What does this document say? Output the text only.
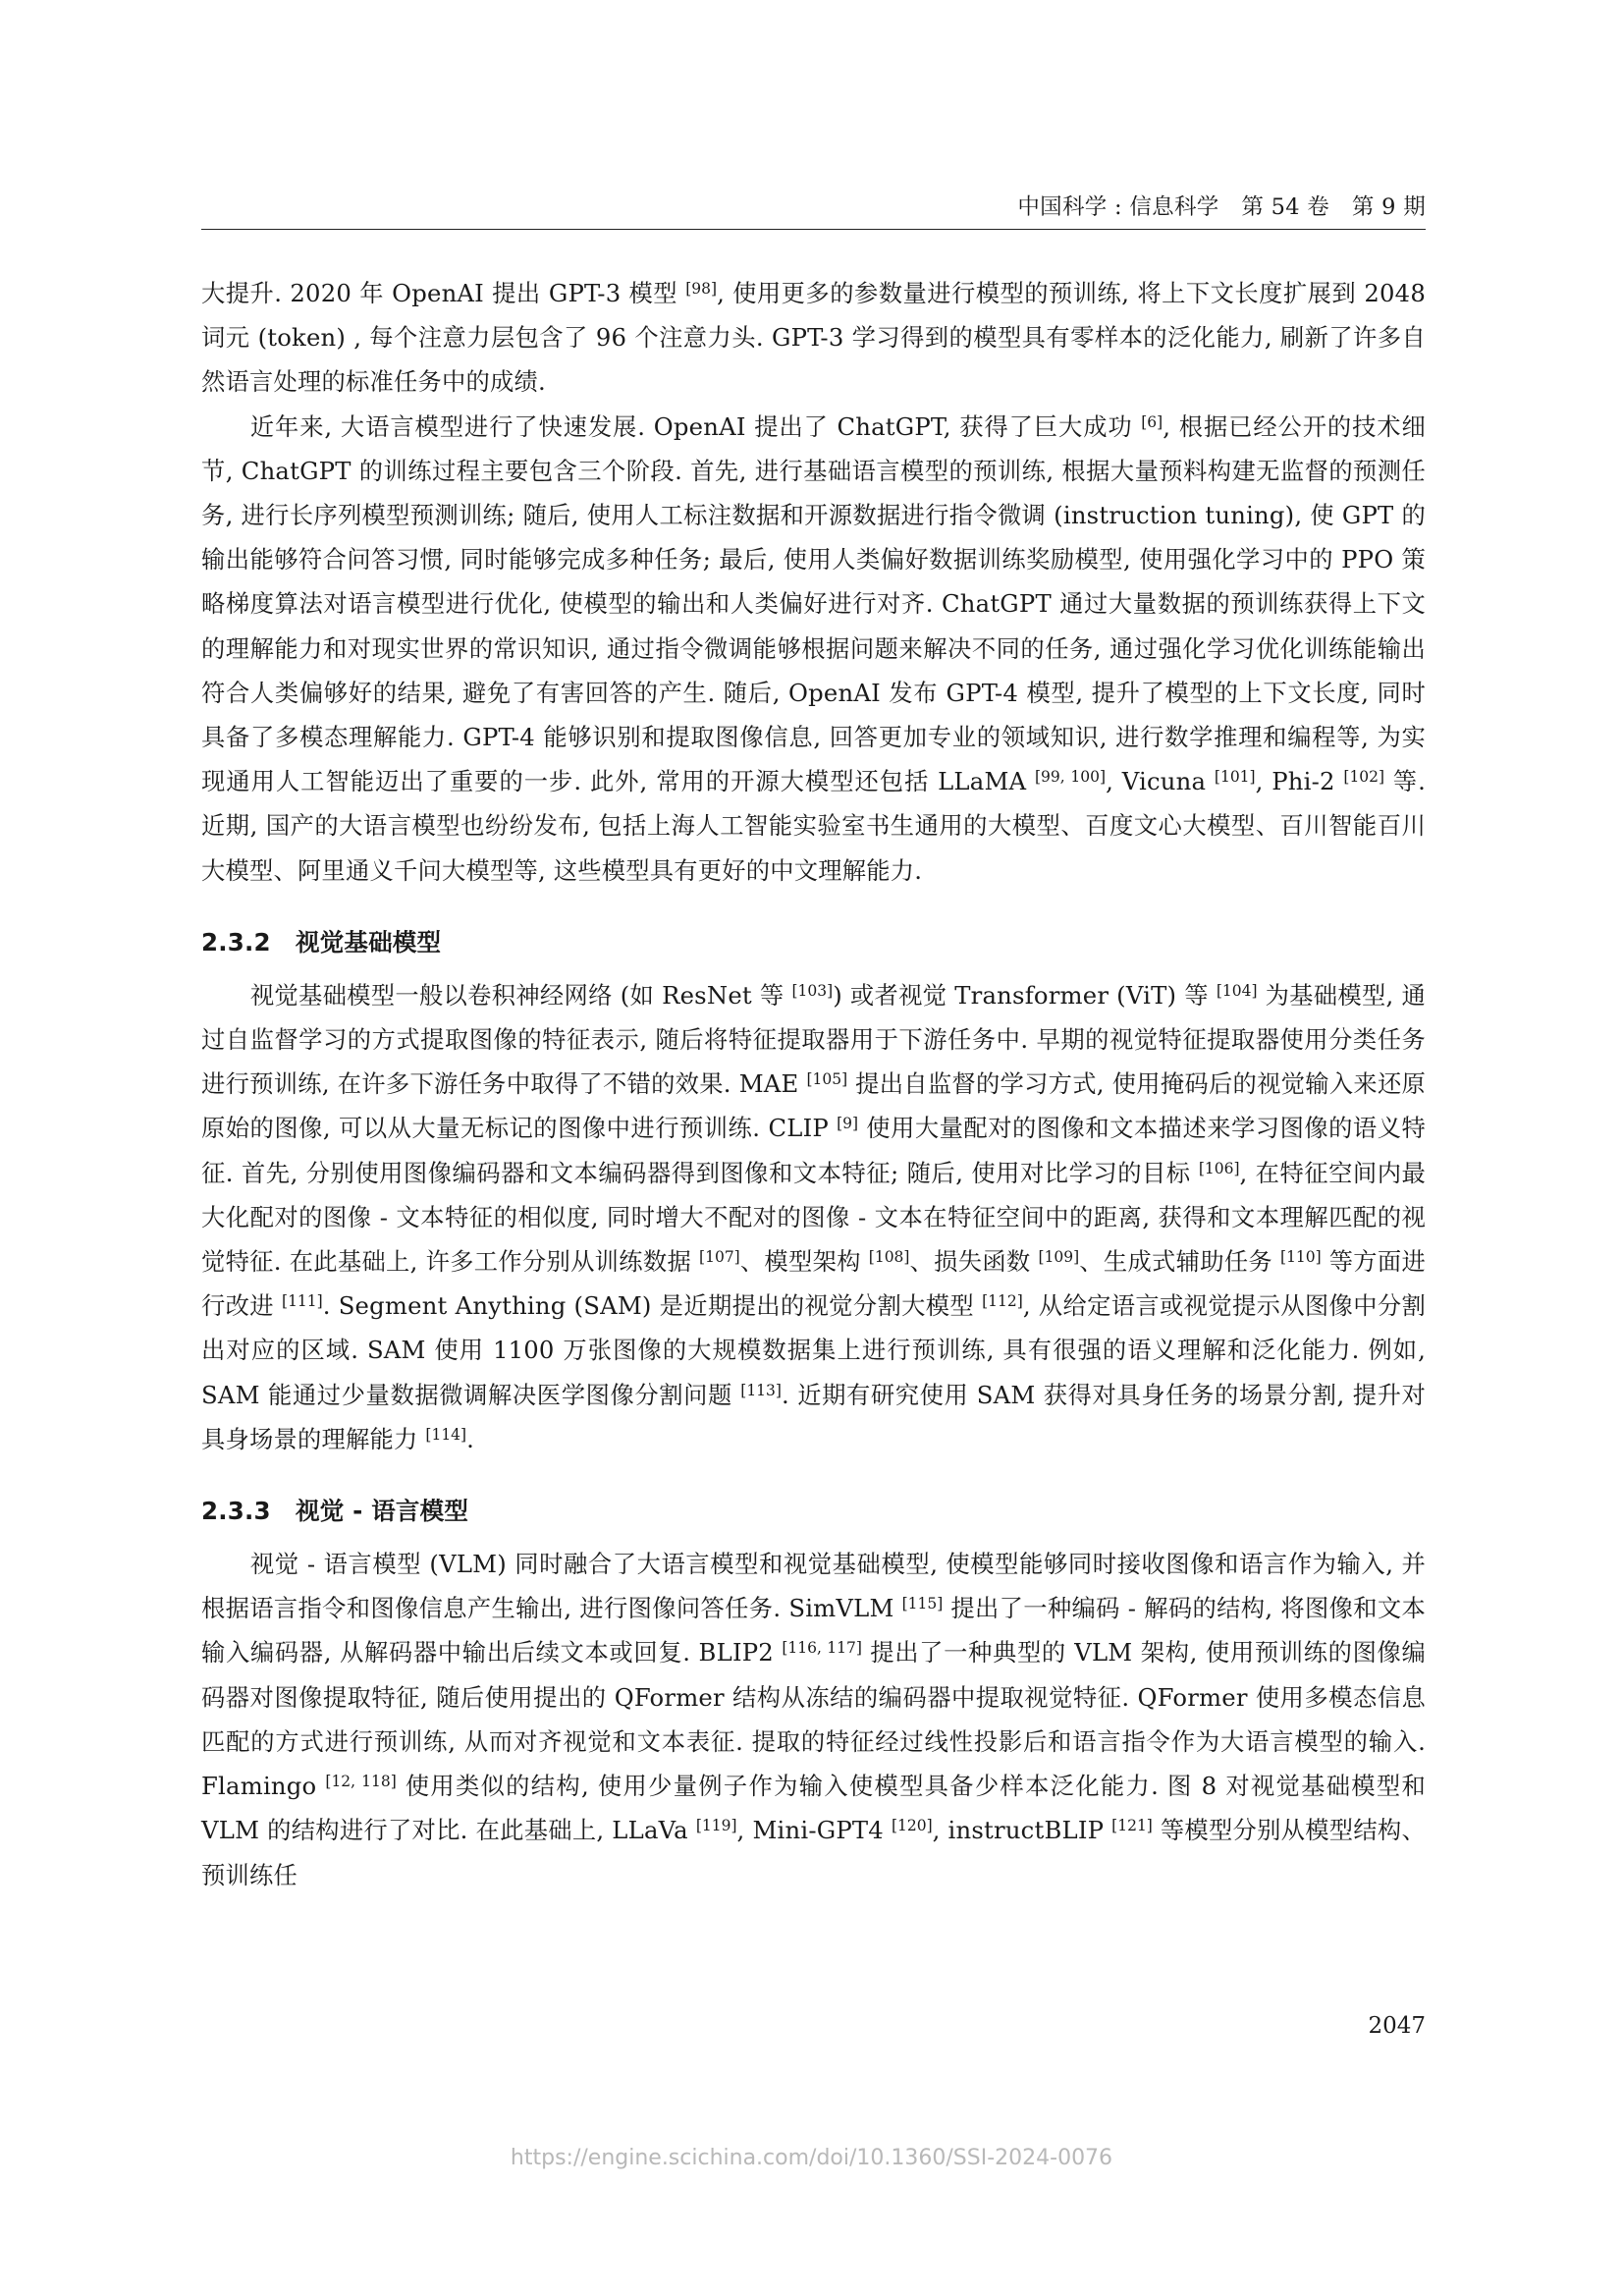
中国科学 : 信息科学　第 54 卷　第 9 期

大提升. 2020 年 OpenAI 提出 GPT-3 模型 [98], 使用更多的参数量进行模型的预训练, 将上下文长度扩展到 2048 词元 (token) , 每个注意力层包含了 96 个注意力头. GPT-3 学习得到的模型具有零样本的泛化能力, 刷新了许多自然语言处理的标准任务中的成绩.

近年来, 大语言模型进行了快速发展. OpenAI 提出了 ChatGPT, 获得了巨大成功 [6], 根据已经公开的技术细节, ChatGPT 的训练过程主要包含三个阶段. 首先, 进行基础语言模型的预训练, 根据大量预料构建无监督的预测任务, 进行长序列模型预测训练; 随后, 使用人工标注数据和开源数据进行指令微调 (instruction tuning), 使 GPT 的输出能够符合问答习惯, 同时能够完成多种任务; 最后, 使用人类偏好数据训练奖励模型, 使用强化学习中的 PPO 策略梯度算法对语言模型进行优化, 使模型的输出和人类偏好进行对齐. ChatGPT 通过大量数据的预训练获得上下文的理解能力和对现实世界的常识知识, 通过指令微调能够根据问题来解决不同的任务, 通过强化学习优化训练能输出符合人类偏够好的结果, 避免了有害回答的产生. 随后, OpenAI 发布 GPT-4 模型, 提升了模型的上下文长度, 同时具备了多模态理解能力. GPT-4 能够识别和提取图像信息, 回答更加专业的领域知识, 进行数学推理和编程等, 为实现通用人工智能迈出了重要的一步. 此外, 常用的开源大模型还包括 LLaMA [99, 100], Vicuna [101], Phi-2 [102] 等. 近期, 国产的大语言模型也纷纷发布, 包括上海人工智能实验室书生通用的大模型、百度文心大模型、百川智能百川大模型、阿里通义千问大模型等, 这些模型具有更好的中文理解能力.

2.3.2 视觉基础模型

视觉基础模型一般以卷积神经网络 (如 ResNet 等 [103]) 或者视觉 Transformer (ViT) 等 [104] 为基础模型, 通过自监督学习的方式提取图像的特征表示, 随后将特征提取器用于下游任务中. 早期的视觉特征提取器使用分类任务进行预训练, 在许多下游任务中取得了不错的效果. MAE [105] 提出自监督的学习方式, 使用掩码后的视觉输入来还原原始的图像, 可以从大量无标记的图像中进行预训练. CLIP [9] 使用大量配对的图像和文本描述来学习图像的语义特征. 首先, 分别使用图像编码器和文本编码器得到图像和文本特征; 随后, 使用对比学习的目标 [106], 在特征空间内最大化配对的图像 - 文本特征的相似度, 同时增大不配对的图像 - 文本在特征空间中的距离, 获得和文本理解匹配的视觉特征. 在此基础上, 许多工作分别从训练数据 [107]、模型架构 [108]、损失函数 [109]、生成式辅助任务 [110] 等方面进行改进 [111]. Segment Anything (SAM) 是近期提出的视觉分割大模型 [112], 从给定语言或视觉提示从图像中分割出对应的区域. SAM 使用 1100 万张图像的大规模数据集上进行预训练, 具有很强的语义理解和泛化能力. 例如, SAM 能通过少量数据微调解决医学图像分割问题 [113]. 近期有研究使用 SAM 获得对具身任务的场景分割, 提升对具身场景的理解能力 [114].

2.3.3 视觉 - 语言模型

视觉 - 语言模型 (VLM) 同时融合了大语言模型和视觉基础模型, 使模型能够同时接收图像和语言作为输入, 并根据语言指令和图像信息产生输出, 进行图像问答任务. SimVLM [115] 提出了一种编码 - 解码的结构, 将图像和文本输入编码器, 从解码器中输出后续文本或回复. BLIP2 [116, 117] 提出了一种典型的 VLM 架构, 使用预训练的图像编码器对图像提取特征, 随后使用提出的 QFormer 结构从冻结的编码器中提取视觉特征. QFormer 使用多模态信息匹配的方式进行预训练, 从而对齐视觉和文本表征. 提取的特征经过线性投影后和语言指令作为大语言模型的输入. Flamingo [12, 118] 使用类似的结构, 使用少量例子作为输入使模型具备少样本泛化能力. 图 8 对视觉基础模型和 VLM 的结构进行了对比. 在此基础上, LLaVa [119], Mini-GPT4 [120], instructBLIP [121] 等模型分别从模型结构、预训练任

2047
https://engine.scichina.com/doi/10.1360/SSI-2024-0076
